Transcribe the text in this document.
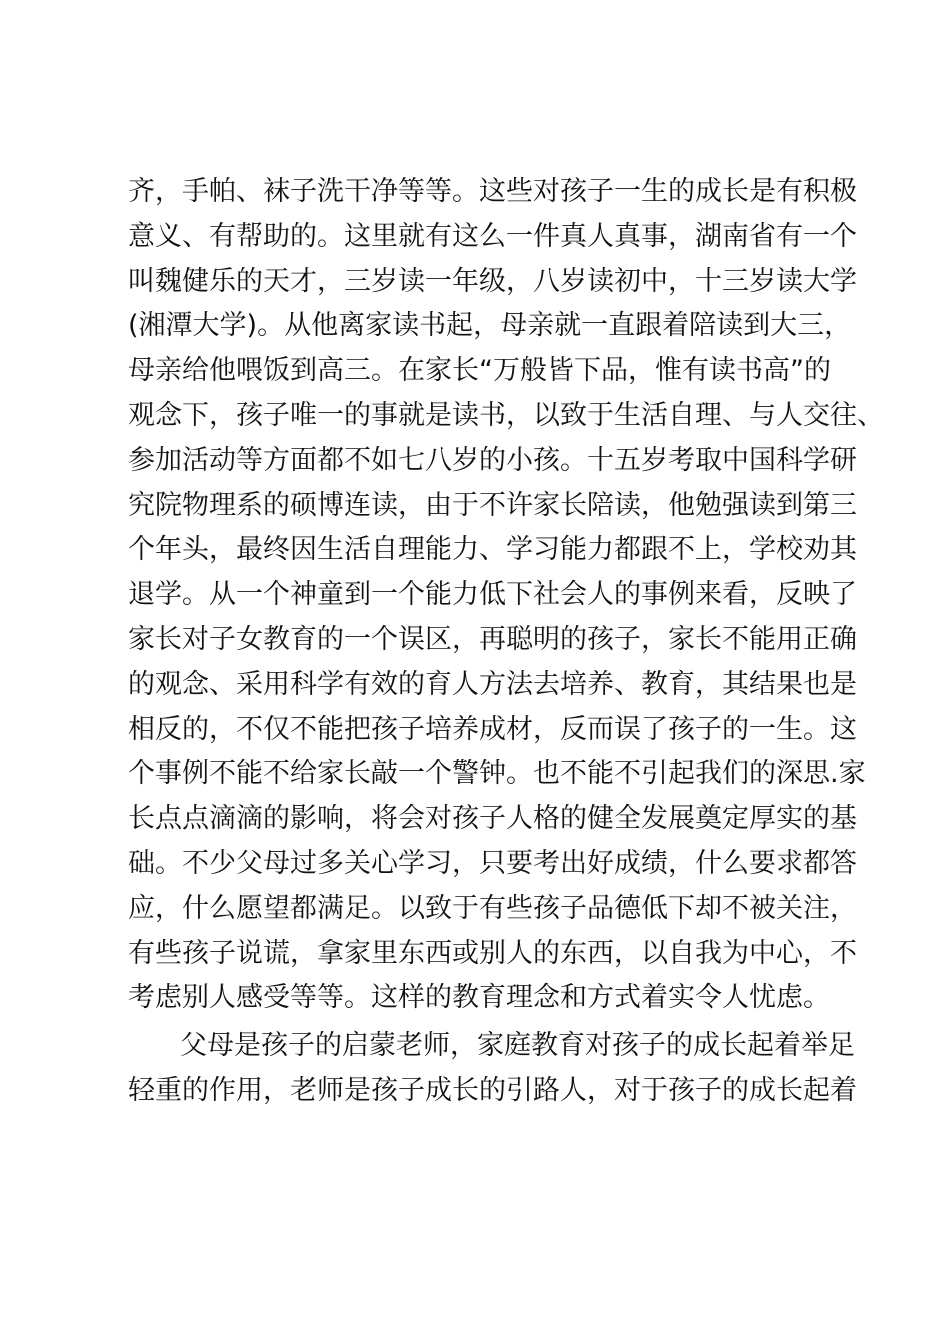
齐，手帕、袜子洗干净等等。这些对孩子一生的成长是有积极
意义、有帮助的。这里就有这么一件真人真事，湖南省有一个
叫魏健乐的天才，三岁读一年级，八岁读初中，十三岁读大学
(湘潭大学)。从他离家读书起，母亲就一直跟着陪读到大三，
母亲给他喂饭到高三。在家长“万般皆下品，惟有读书高”的
观念下，孩子唯一的事就是读书，以致于生活自理、与人交往、
参加活动等方面都不如七八岁的小孩。十五岁考取中国科学研
究院物理系的硕博连读，由于不许家长陪读，他勉强读到第三
个年头，最终因生活自理能力、学习能力都跟不上，学校劝其
退学。从一个神童到一个能力低下社会人的事例来看，反映了
家长对子女教育的一个误区，再聪明的孩子，家长不能用正确
的观念、采用科学有效的育人方法去培养、教育，其结果也是
相反的，不仅不能把孩子培养成材，反而误了孩子的一生。这
个事例不能不给家长敲一个警钟。也不能不引起我们的深思.家
长点点滴滴的影响，将会对孩子人格的健全发展奠定厚实的基
础。不少父母过多关心学习，只要考出好成绩，什么要求都答
应，什么愿望都满足。以致于有些孩子品德低下却不被关注，
有些孩子说谎，拿家里东西或别人的东西，以自我为中心，不
考虑别人感受等等。这样的教育理念和方式着实令人忧虑。
父母是孩子的启蒙老师，家庭教育对孩子的成长起着举足
轻重的作用，老师是孩子成长的引路人，对于孩子的成长起着
